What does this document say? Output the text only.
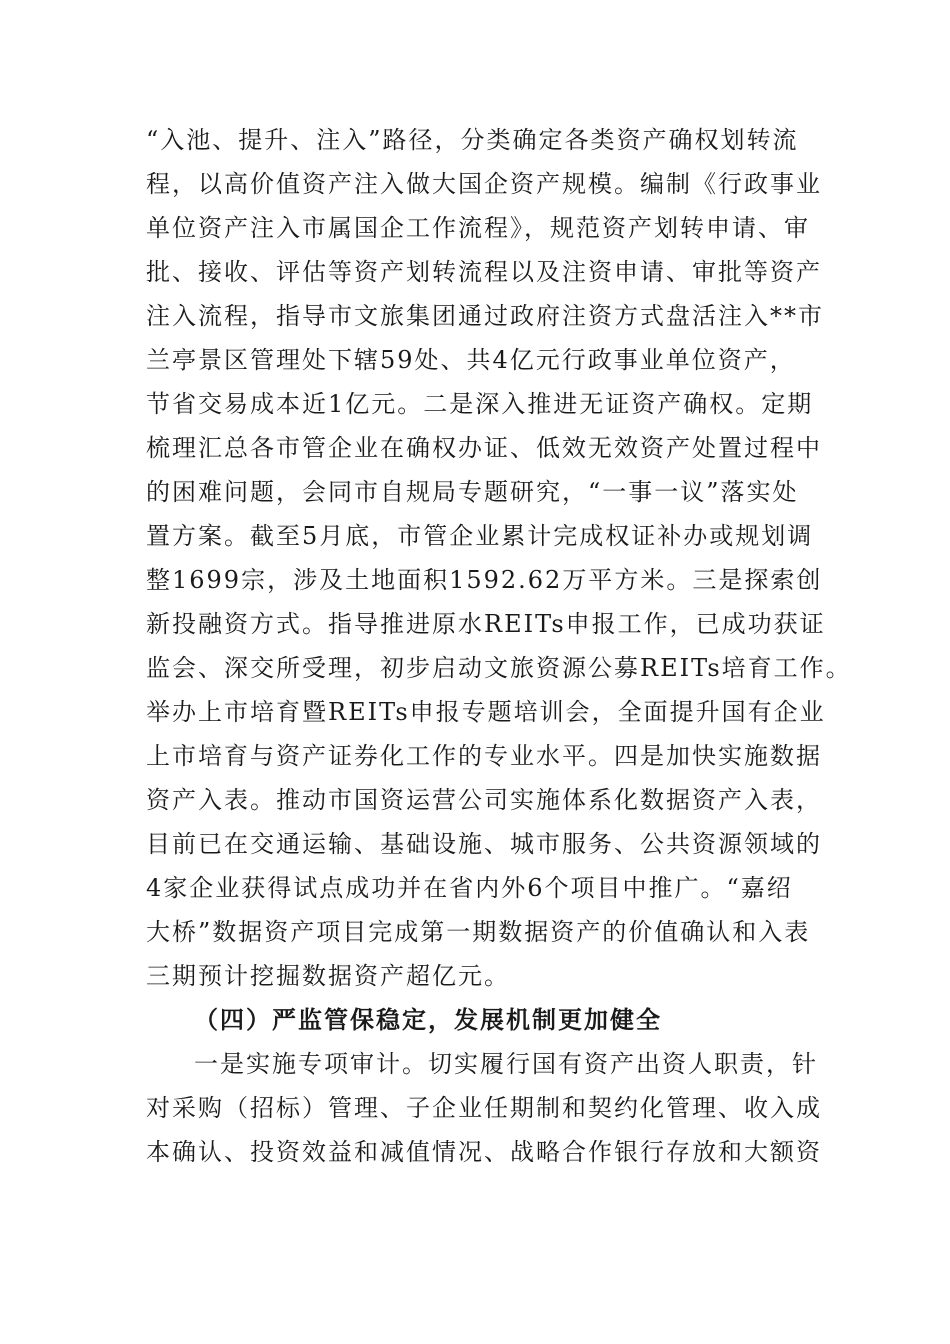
“入池、提升、注入”路径，分类确定各类资产确权划转流
程，以高价值资产注入做大国企资产规模。编制《行政事业
单位资产注入市属国企工作流程》，规范资产划转申请、审
批、接收、评估等资产划转流程以及注资申请、审批等资产
注入流程，指导市文旅集团通过政府注资方式盘活注入**市
兰亭景区管理处下辖59处、共4亿元行政事业单位资产，
节省交易成本近1亿元。二是深入推进无证资产确权。定期
梳理汇总各市管企业在确权办证、低效无效资产处置过程中
的困难问题，会同市自规局专题研究，“一事一议”落实处
置方案。截至5月底，市管企业累计完成权证补办或规划调
整1699宗，涉及土地面积1592.62万平方米。三是探索创
新投融资方式。指导推进原水REITs申报工作，已成功获证
监会、深交所受理，初步启动文旅资源公募REITs培育工作。
举办上市培育暨REITs申报专题培训会，全面提升国有企业
上市培育与资产证券化工作的专业水平。四是加快实施数据
资产入表。推动市国资运营公司实施体系化数据资产入表，
目前已在交通运输、基础设施、城市服务、公共资源领域的
4家企业获得试点成功并在省内外6个项目中推广。“嘉绍
大桥”数据资产项目完成第一期数据资产的价值确认和入表
三期预计挖掘数据资产超亿元。
（四）严监管保稳定，发展机制更加健全
一是实施专项审计。切实履行国有资产出资人职责，针
对采购（招标）管理、子企业任期制和契约化管理、收入成
本确认、投资效益和减值情况、战略合作银行存放和大额资
